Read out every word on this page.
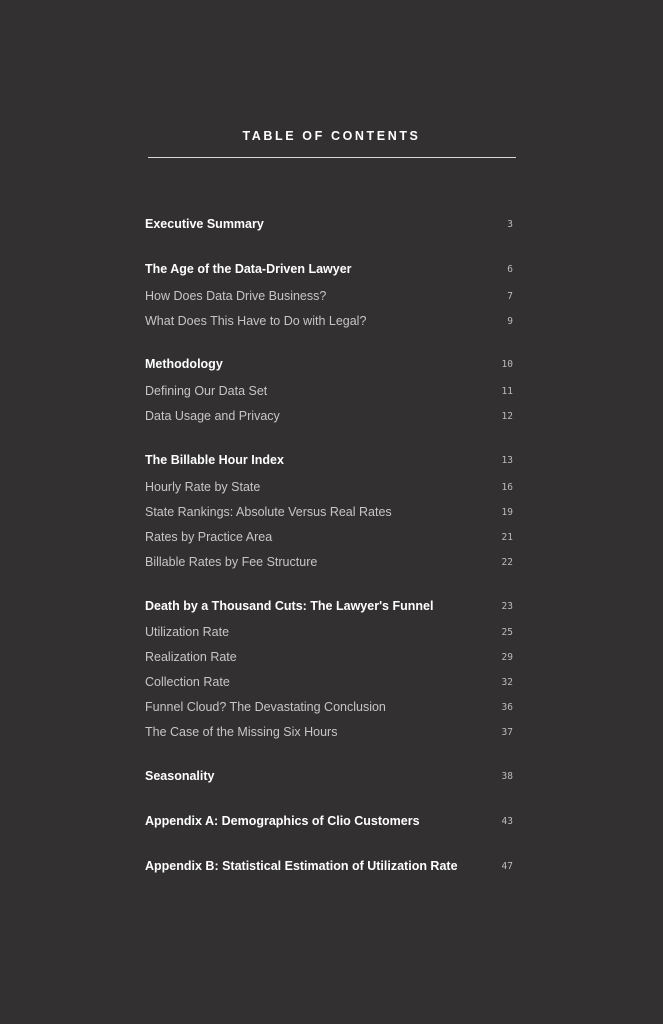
TABLE OF CONTENTS
Executive Summary	3
The Age of the Data-Driven Lawyer	6
How Does Data Drive Business?	7
What Does This Have to Do with Legal?	9
Methodology	10
Defining Our Data Set	11
Data Usage and Privacy	12
The Billable Hour Index	13
Hourly Rate by State	16
State Rankings: Absolute Versus Real Rates	19
Rates by Practice Area	21
Billable Rates by Fee Structure	22
Death by a Thousand Cuts: The Lawyer's Funnel	23
Utilization Rate	25
Realization Rate	29
Collection Rate	32
Funnel Cloud? The Devastating Conclusion	36
The Case of the Missing Six Hours	37
Seasonality	38
Appendix A: Demographics of Clio Customers	43
Appendix B: Statistical Estimation of Utilization Rate	47
